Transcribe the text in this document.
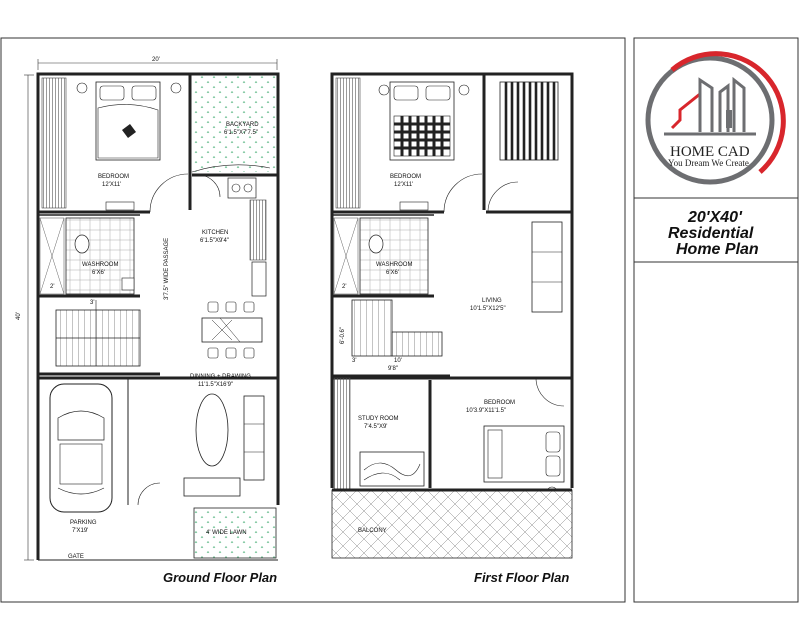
20'
40'
BEDROOM
12'X11'
BACKYARD
6'1.5"X7'7.5"
KITCHEN
6'1.5"X9'4"
3'7.5" WIDE PASSAGE
WASHROOM
6'X6'
2'
3'
DINNING + DRAWING
11'1.5"X16'9"
PARKING
7'X19'	4' WIDE LAWN
GATE
Ground Floor Plan
BEDROOM
12'X11'
WASHROOM
6'X6'
2'
LIVING
10'1.5"X12'5"
6'-0.6"
3'	10'
9'8"
BEDROOM
10'3.9"X11'1.5"
STUDY ROOM
7'4.5"X9'
BALCONY
First Floor Plan
HOME CAD
You Dream We Create
20'X40'
Residential
Home Plan
